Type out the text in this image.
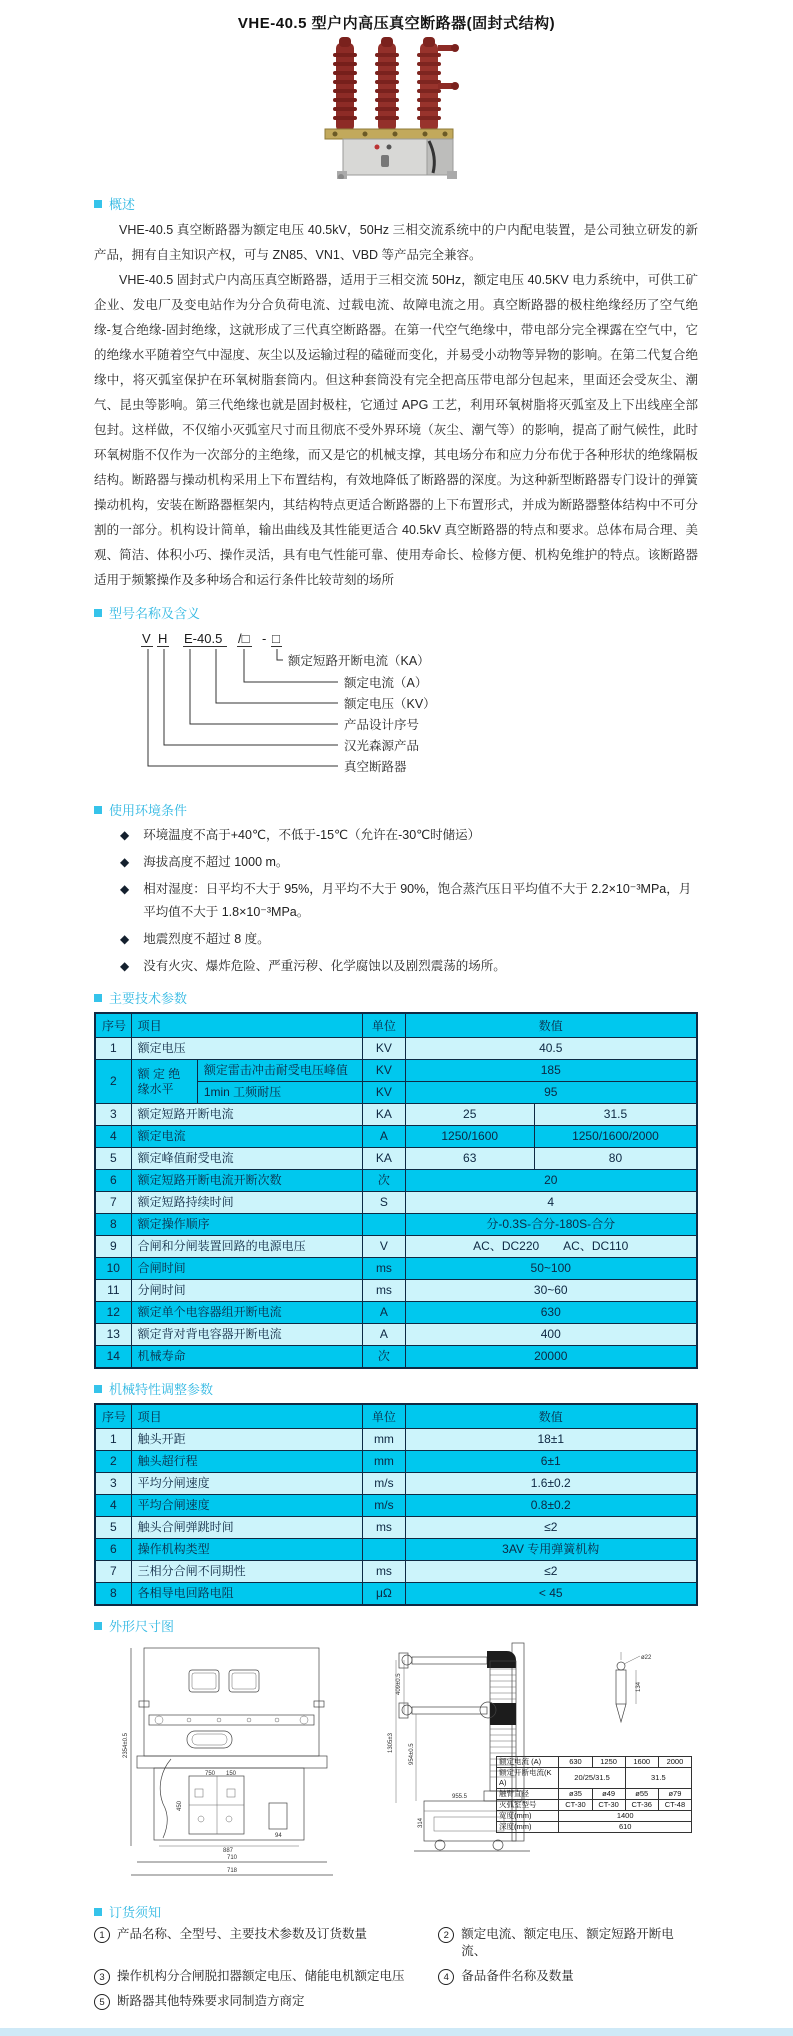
VHE-40.5 型户内高压真空断路器(固封式结构)
概述

VHE-40.5 真空断路器为额定电压 40.5kV，50Hz 三相交流系统中的户内配电装置，是公司独立研发的新产品，拥有自主知识产权，可与 ZN85、VN1、VBD 等产品完全兼容。

VHE-40.5 固封式户内高压真空断路器，适用于三相交流 50Hz，额定电压 40.5KV 电力系统中，可供工矿企业、发电厂及变电站作为分合负荷电流、过载电流、故障电流之用。真空断路器的极柱绝缘经历了空气绝缘-复合绝缘-固封绝缘，这就形成了三代真空断路器。在第一代空气绝缘中，带电部分完全裸露在空气中，它的绝缘水平随着空气中湿度、灰尘以及运输过程的磕碰而变化，并易受小动物等异物的影响。在第二代复合绝缘中，将灭弧室保护在环氧树脂套筒内。但这种套筒没有完全把高压带电部分包起来，里面还会受灰尘、潮气、昆虫等影响。第三代绝缘也就是固封极柱，它通过 APG 工艺，利用环氧树脂将灭弧室及上下出线座全部包封。这样做，不仅缩小灭弧室尺寸而且彻底不受外界环境（灰尘、潮气等）的影响，提高了耐气候性，此时环氧树脂不仅作为一次部分的主绝缘，而又是它的机械支撑，其电场分布和应力分布优于各种形状的绝缘隔板结构。断路器与操动机构采用上下布置结构，有效地降低了断路器的深度。为这种新型断路器专门设计的弹簧操动机构，安装在断路器框架内，其结构特点更适合断路器的上下布置形式，并成为断路器整体结构中不可分割的一部分。机构设计简单，输出曲线及其性能更适合 40.5kV 真空断路器的特点和要求。总体布局合理、美观、简洁、体积小巧、操作灵活，具有电气性能可靠、使用寿命长、检修方便、机构免维护的特点。该断路器适用于频繁操作及多种场合和运行条件比较苛刻的场所

型号名称及含义
V H E-40.5 /□ - □
额定短路开断电流（KA）
额定电流（A）
额定电压（KV）
产品设计序号
汉光森源产品
真空断路器
使用环境条件
◆ 环境温度不高于+40℃，不低于-15℃（允许在-30℃时储运）
◆ 海拔高度不超过 1000 m。
◆ 相对湿度：日平均不大于 95%，月平均不大于 90%，饱合蒸汽压日平均值不大于 2.2×10⁻³MPa，月平均值不大于 1.8×10⁻³MPa。
◆ 地震烈度不超过 8 度。
◆ 没有火灾、爆炸危险、严重污秽、化学腐蚀以及剧烈震荡的场所。
主要技术参数
序号	项目		单位	数值	
1	额定电压		KV	40.5	
2	额 定 绝 缘水平	额定雷击冲击耐受电压峰值	KV	185	
		1min 工频耐压	KV	95	
3	额定短路开断电流		KA	25	31.5
4	额定电流		A	1250/1600	1250/1600/2000
5	额定峰值耐受电流		KA	63	80
6	额定短路开断电流开断次数		次	20	
7	额定短路持续时间		S	4	
8	额定操作顺序			分-0.3S-合分-180S-合分	
9	合闸和分闸装置回路的电源电压		V	AC、DC220　　AC、DC110	
10	合闸时间		ms	50~100	
11	分闸时间		ms	30~60	
12	额定单个电容器组开断电流		A	630	
13	额定背对背电容器开断电流		A	400	
14	机械寿命		次	20000	
机械特性调整参数
序号	项目	单位	数值
1	触头开距	mm	18±1
2	触头超行程	mm	6±1
3	平均分闸速度	m/s	1.6±0.2
4	平均合闸速度	m/s	0.8±0.2
5	触头合闸弹跳时间	ms	≤2
6	操作机构类型		3AV 专用弹簧机构
7	三相分合闸不同期性	ms	≤2
8	各相导电回路电阻	μΩ	< 45
外形尺寸图
2354±0.5
750 150
450
887
94
710
718
409±0.5
1305±3
954±0.5
314
955.5
ø22
134
额定电流 (A)	630	1250	1600	2000
额定开断电流(KA)	20/25/31.5		31.5	
触臂直径	ø35	ø49	ø55	ø79
灭弧室型号	CT-30	CT-30	CT-36	CT-48
宽度(mm)	1400			
深度(mm)	610			
订货须知
1 产品名称、全型号、主要技术参数及订货数量	2 额定电流、额定电压、额定短路开断电流、
3 操作机构分合闸脱扣器额定电压、储能电机额定电压	4 备品备件名称及数量
5 断路器其他特殊要求同制造方商定
